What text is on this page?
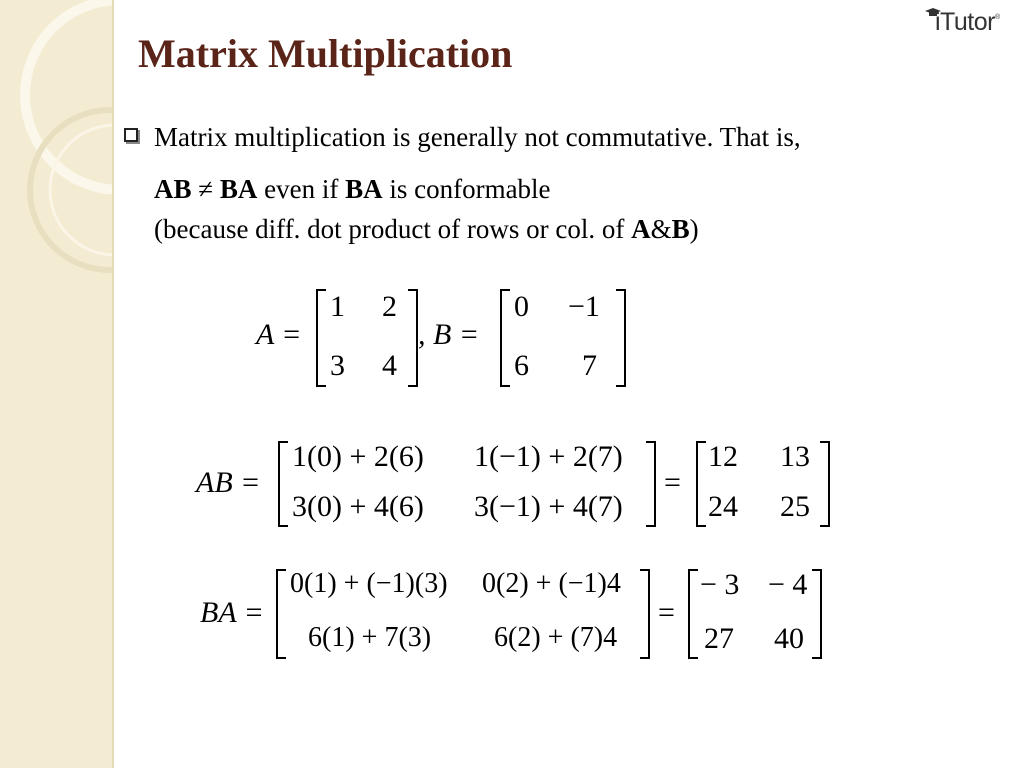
iTutor®
Matrix Multiplication
Matrix multiplication is generally not commutative. That is,
AB ≠ BA even if BA is conformable
(because diff. dot product of rows or col. of A&B)
A =
1 2
3 4
, B =
0 −1
6 7
AB =
1(0) + 2(6) 1(−1) + 2(7)
3(0) + 4(6) 3(−1) + 4(7)
=
12 13
24 25
BA =
0(1) + (−1)(3) 0(2) + (−1)4
6(1) + 7(3) 6(2) + (7)4
=
− 3 − 4
27 40
